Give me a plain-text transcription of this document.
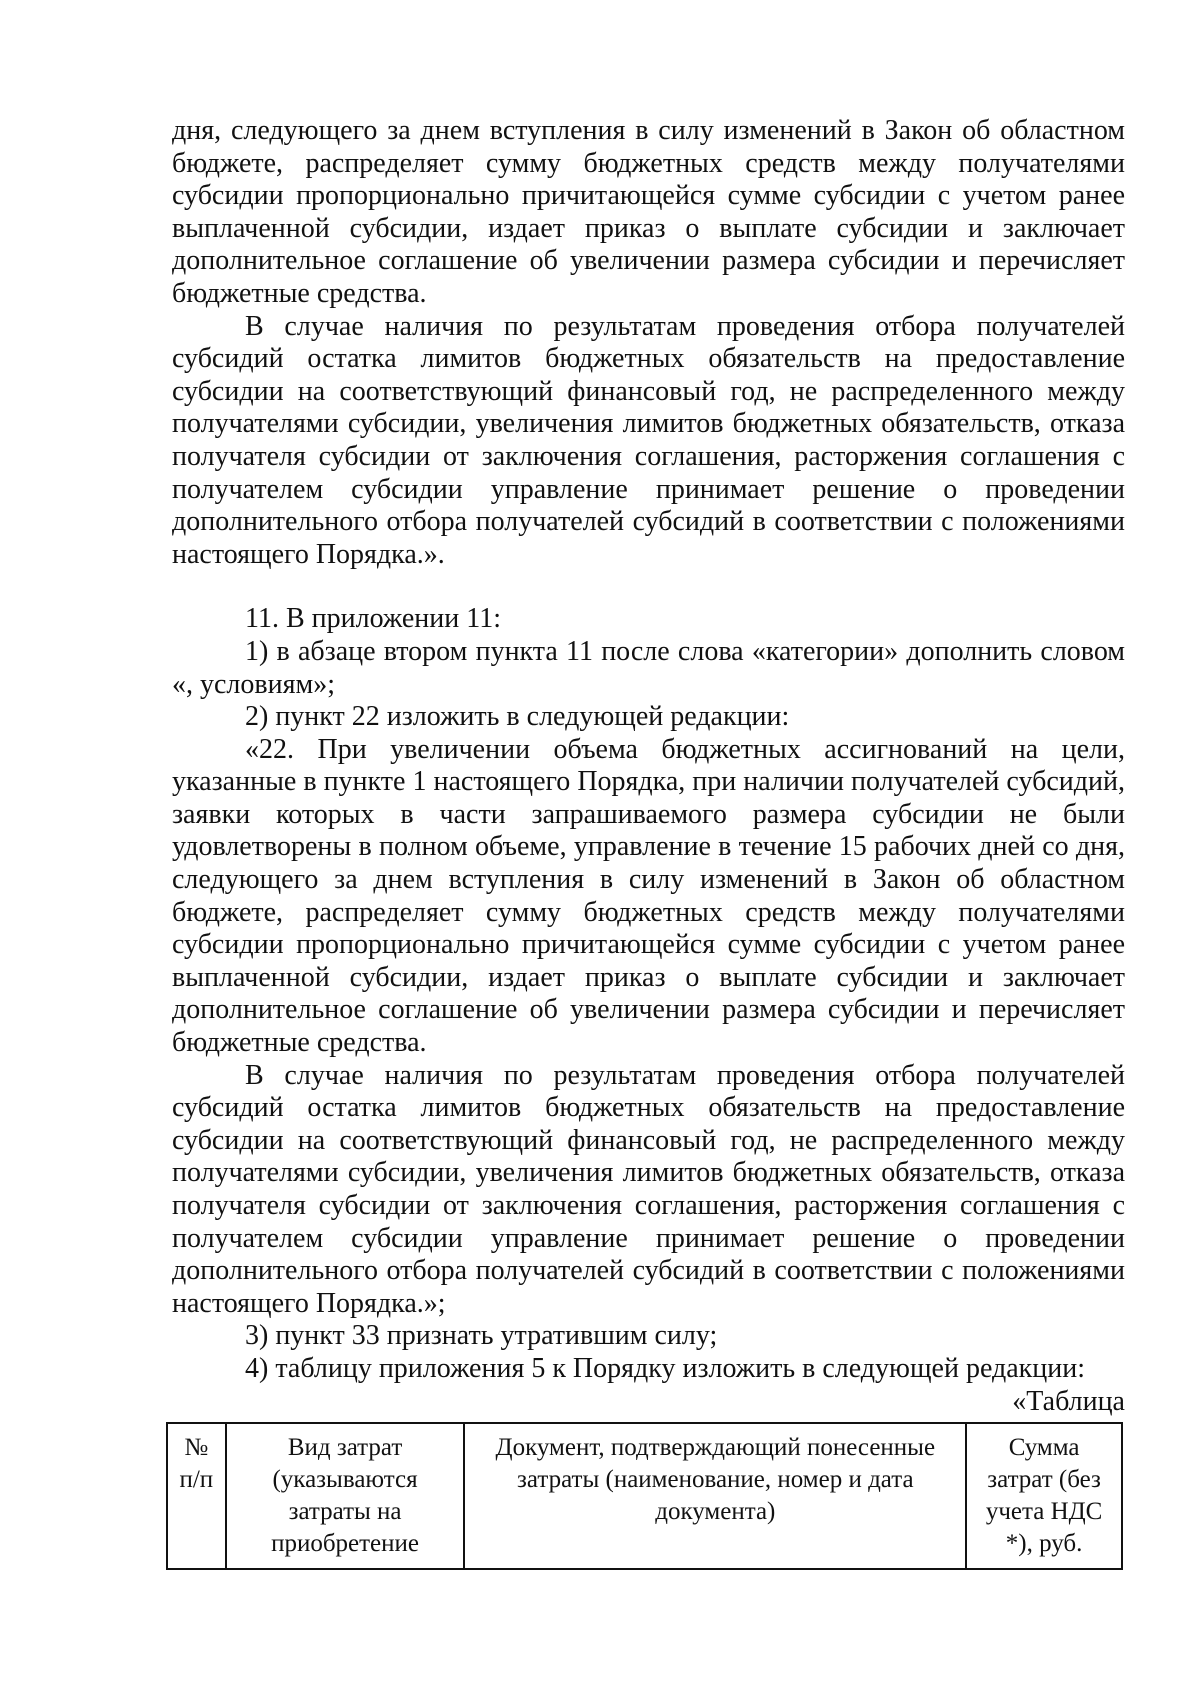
дня, следующего за днем вступления в силу изменений в Закон об областном бюджете, распределяет сумму бюджетных средств между получателями субсидии пропорционально причитающейся сумме субсидии с учетом ранее выплаченной субсидии, издает приказ о выплате субсидии и заключает дополнительное соглашение об увеличении размера субсидии и перечисляет бюджетные средства.

В случае наличия по результатам проведения отбора получателей субсидий остатка лимитов бюджетных обязательств на предоставление субсидии на соответствующий финансовый год, не распределенного между получателями субсидии, увеличения лимитов бюджетных обязательств, отказа получателя субсидии от заключения соглашения, расторжения соглашения с получателем субсидии управление принимает решение о проведении дополнительного отбора получателей субсидий в соответствии с положениями настоящего Порядка.».

11. В приложении 11:

1) в абзаце втором пункта 11 после слова «категории» дополнить словом «, условиям»;

2) пункт 22 изложить в следующей редакции:

«22. При увеличении объема бюджетных ассигнований на цели, указанные в пункте 1 настоящего Порядка, при наличии получателей субсидий, заявки которых в части запрашиваемого размера субсидии не были удовлетворены в полном объеме, управление в течение 15 рабочих дней со дня, следующего за днем вступления в силу изменений в Закон об областном бюджете, распределяет сумму бюджетных средств между получателями субсидии пропорционально причитающейся сумме субсидии с учетом ранее выплаченной субсидии, издает приказ о выплате субсидии и заключает дополнительное соглашение об увеличении размера субсидии и перечисляет бюджетные средства.

В случае наличия по результатам проведения отбора получателей субсидий остатка лимитов бюджетных обязательств на предоставление субсидии на соответствующий финансовый год, не распределенного между получателями субсидии, увеличения лимитов бюджетных обязательств, отказа получателя субсидии от заключения соглашения, расторжения соглашения с получателем субсидии управление принимает решение о проведении дополнительного отбора получателей субсидий в соответствии с положениями настоящего Порядка.»;

3) пункт 33 признать утратившим силу;

4) таблицу приложения 5 к Порядку изложить в следующей редакции:

«Таблица

№ п/п	Вид затрат (указываются затраты на приобретение	Документ, подтверждающий понесенные затраты (наименование, номер и дата документа)	Сумма затрат (без учета НДС *), руб.
